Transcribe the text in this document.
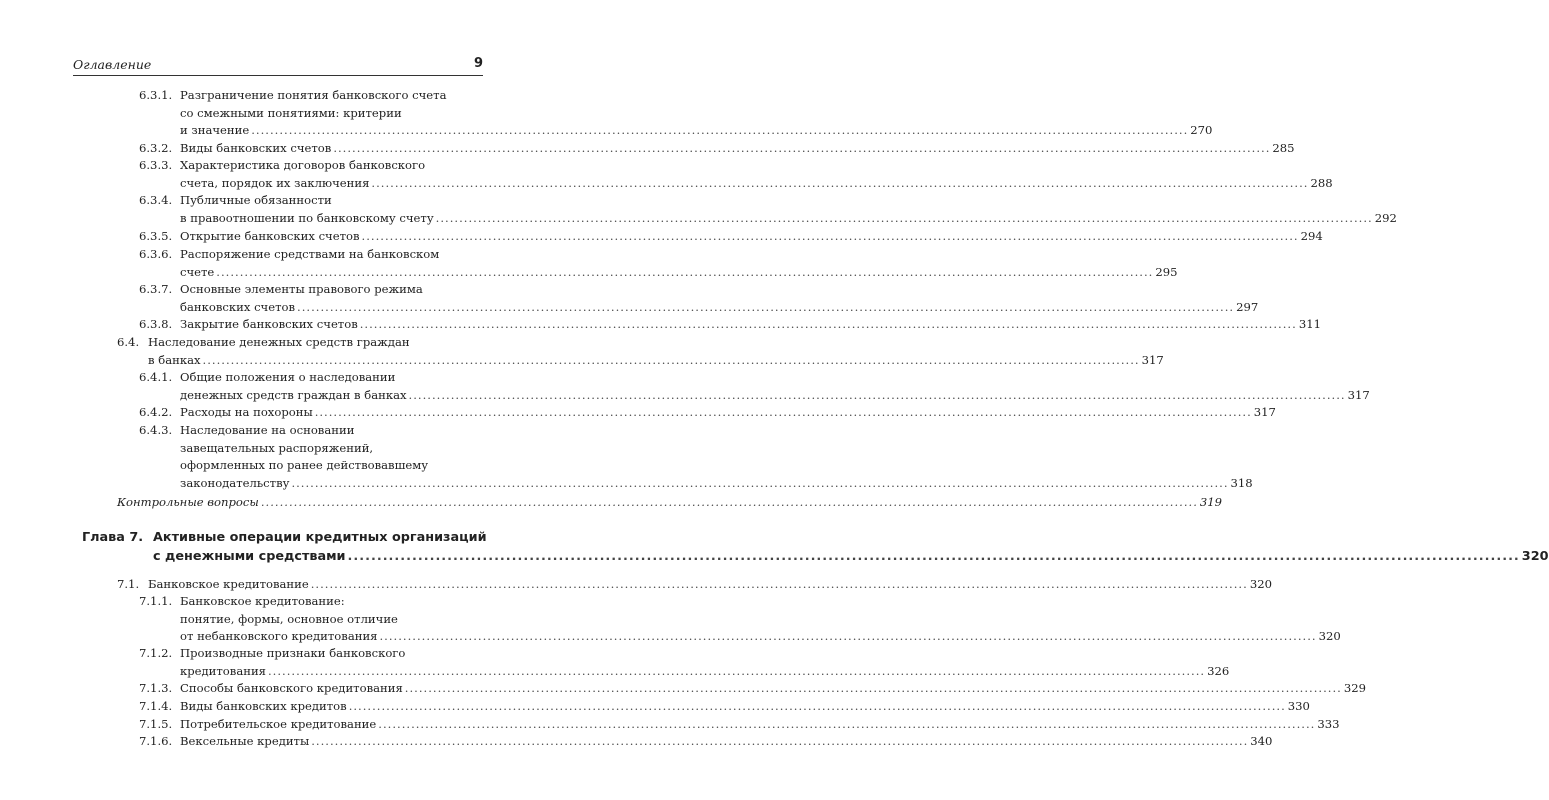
Оглавление	9
6.3.1. Разграничение понятия банковского счета
со смежными понятиями: критерии
и значение ........................................................................................................................................................................................................ 270
6.3.2. Виды банковских счетов ........................................................................................................................................................................................................ 285
6.3.3. Характеристика договоров банковского
счета, порядок их заключения ........................................................................................................................................................................................................ 288
6.3.4. Публичные обязанности
в правоотношении по банковскому счету ........................................................................................................................................................................................................ 292
6.3.5. Открытие банковских счетов ........................................................................................................................................................................................................ 294
6.3.6. Распоряжение средствами на банковском
счете ........................................................................................................................................................................................................ 295
6.3.7. Основные элементы правового режима
банковских счетов ........................................................................................................................................................................................................ 297
6.3.8. Закрытие банковских счетов ........................................................................................................................................................................................................ 311
6.4. Наследование денежных средств граждан
в банках ........................................................................................................................................................................................................ 317
6.4.1. Общие положения о наследовании
денежных средств граждан в банках ........................................................................................................................................................................................................ 317
6.4.2. Расходы на похороны ........................................................................................................................................................................................................ 317
6.4.3. Наследование на основании
завещательных распоряжений,
оформленных по ранее действовавшему
законодательству ........................................................................................................................................................................................................ 318
Контрольные вопросы ........................................................................................................................................................................................................ 319
Глава 7. Активные операции кредитных организаций
с денежными средствами ........................................................................................................................................................................................................ 320
7.1. Банковское кредитование ........................................................................................................................................................................................................ 320
7.1.1. Банковское кредитование:
понятие, формы, основное отличие
от небанковского кредитования ........................................................................................................................................................................................................ 320
7.1.2. Производные признаки банковского
кредитования ........................................................................................................................................................................................................ 326
7.1.3. Способы банковского кредитования ........................................................................................................................................................................................................ 329
7.1.4. Виды банковских кредитов ........................................................................................................................................................................................................ 330
7.1.5. Потребительское кредитование ........................................................................................................................................................................................................ 333
7.1.6. Вексельные кредиты ........................................................................................................................................................................................................ 340
